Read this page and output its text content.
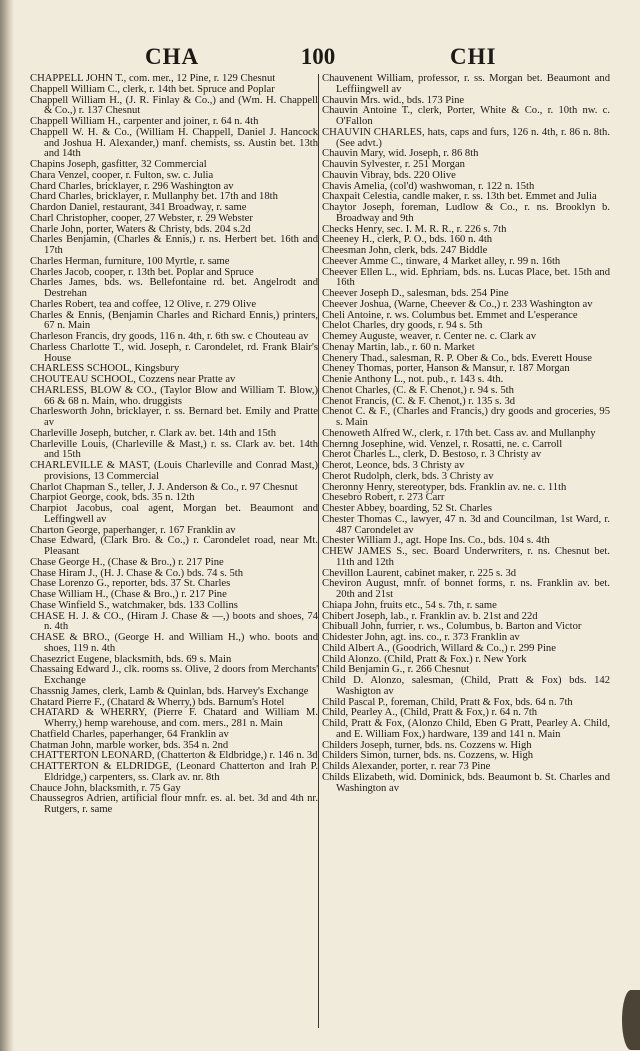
CHA	100	CHI

CHAPPELL JOHN T., com. mer., 12 Pine, r. 129 Chesnut

Chappell William C., clerk, r. 14th bet. Spruce and Poplar

Chappell William H., (J. R. Finlay & Co.,) and (Wm. H. Chappell & Co.,) r. 137 Chesnut

Chappell William H., carpenter and joiner, r. 64 n. 4th

Chappell W. H. & Co., (William H. Chappell, Daniel J. Hancock and Joshua H. Alexander,) manf. chemists, ss. Austin bet. 13th and 14th

Chapins Joseph, gasfitter, 32 Commercial

Chara Venzel, cooper, r. Fulton, sw. c. Julia

Chard Charles, bricklayer, r. 296 Washington av

Chard Charles, bricklayer, r. Mullanphy bet. 17th and 18th

Chardon Daniel, restaurant, 341 Broadway, r. same

Charl Christopher, cooper, 27 Webster, r. 29 Webster

Charle John, porter, Waters & Christy, bds. 204 s.2d

Charles Benjamin, (Charles & Ennis,) r. ns. Herbert bet. 16th and 17th

Charles Herman, furniture, 100 Myrtle, r. same

Charles Jacob, cooper, r. 13th bet. Poplar and Spruce

Charles James, bds. ws. Bellefontaine rd. bet. Angelrodt and Destrehan

Charles Robert, tea and coffee, 12 Olive, r. 279 Olive

Charles & Ennis, (Benjamin Charles and Richard Ennis,) printers, 67 n. Main

Charleson Francis, dry goods, 116 n. 4th, r. 6th sw. c Chouteau av

Charless Charlotte T., wid. Joseph, r. Carondelet, rd. Frank Blair's House

CHARLESS SCHOOL, Kingsbury

CHOUTEAU SCHOOL, Cozzens near Pratte av

CHARLESS, BLOW & CO., (Taylor Blow and William T. Blow,) 66 & 68 n. Main, who. druggists

Charlesworth John, bricklayer, r. ss. Bernard bet. Emily and Pratte av

Charleville Joseph, butcher, r. Clark av. bet. 14th and 15th

Charleville Louis, (Charleville & Mast,) r. ss. Clark av. bet. 14th and 15th

CHARLEVILLE & MAST, (Louis Charleville and Conrad Mast,) provisions, 13 Commercial

Charlot Chapman S., teller, J. J. Anderson & Co., r. 97 Chesnut

Charpiot George, cook, bds. 35 n. 12th

Charpiot Jacobus, coal agent, Morgan bet. Beaumont and Leffingwell av

Charton George, paperhanger, r. 167 Franklin av

Chase Edward, (Clark Bro. & Co.,) r. Carondelet road, near Mt. Pleasant

Chase George H., (Chase & Bro.,) r. 217 Pine

Chase Hiram J., (H. J. Chase & Co.) bds. 74 s. 5th

Chase Lorenzo G., reporter, bds. 37 St. Charles

Chase William H., (Chase & Bro.,) r. 217 Pine

Chase Winfield S., watchmaker, bds. 133 Collins

CHASE H. J. & CO., (Hiram J. Chase & —,) boots and shoes, 74 n. 4th

CHASE & BRO., (George H. and William H.,) who. boots and shoes, 119 n. 4th

Chasezrict Eugene, blacksmith, bds. 69 s. Main

Chassaing Edward J., clk. rooms ss. Olive, 2 doors from Merchants' Exchange

Chassnig James, clerk, Lamb & Quinlan, bds. Harvey's Exchange

Chatard Pierre F., (Chatard & Wherry,) bds. Barnum's Hotel

CHATARD & WHERRY, (Pierre F. Chatard and William M. Wherry,) hemp warehouse, and com. mers., 281 n. Main

Chatfield Charles, paperhanger, 64 Franklin av

Chatman John, marble worker, bds. 354 n. 2nd

CHATTERTON LEONARD, (Chatterton & Eldbridge,) r. 146 n. 3d

CHATTERTON & ELDRIDGE, (Leonard Chatterton and Irah P. Eldridge,) carpenters, ss. Clark av. nr. 8th

Chauce John, blacksmith, r. 75 Gay

Chaussegros Adrien, artificial flour mnfr. es. al. bet. 3d and 4th nr. Rutgers, r. same

Chauvenent William, professor, r. ss. Morgan bet. Beaumont and Leffiingwell av

Chauvin Mrs. wid., bds. 173 Pine

Chauvin Antoine T., clerk, Porter, White & Co., r. 10th nw. c. O'Fallon

CHAUVIN CHARLES, hats, caps and furs, 126 n. 4th, r. 86 n. 8th. (See advt.)

Chauvin Mary, wid. Joseph, r. 86 8th

Chauvin Sylvester, r. 251 Morgan

Chauvin Vibray, bds. 220 Olive

Chavis Amelia, (col'd) washwoman, r. 122 n. 15th

Chaxpait Celestia, candle maker, r. ss. 13th bet. Emmet and Julia

Chaytor Joseph, foreman, Ludlow & Co., r. ns. Brooklyn b. Broadway and 9th

Checks Henry, sec. I. M. R. R., r. 226 s. 7th

Cheeney H., clerk, P. O., bds. 160 n. 4th

Cheesman John, clerk, bds. 247 Biddle

Cheever Amme C., tinware, 4 Market alley, r. 99 n. 16th

Cheever Ellen L., wid. Ephriam, bds. ns. Lucas Place, bet. 15th and 16th

Cheever Joseph D., salesman, bds. 254 Pine

Cheever Joshua, (Warne, Cheever & Co.,) r. 233 Washington av

Cheli Antoine, r. ws. Columbus bet. Emmet and L'esperance

Chelot Charles, dry goods, r. 94 s. 5th

Chemey Auguste, weaver, r. Center ne. c. Clark av

Chenay Martin, lab., r. 60 n. Market

Chenery Thad., salesman, R. P. Ober & Co., bds. Everett House

Cheney Thomas, porter, Hanson & Mansur, r. 187 Morgan

Chenie Anthony L., not. pub., r. 143 s. 4th.

Chenot Charles, (C. & F. Chenot,) r. 94 s. 5th

Chenot Francis, (C. & F. Chenot,) r. 135 s. 3d

Chenot C. & F., (Charles and Francis,) dry goods and groceries, 95 s. Main

Chenoweth Alfred W., clerk, r. 17th bet. Cass av. and Mullanphy

Chernng Josephine, wid. Venzel, r. Rosatti, ne. c. Carroll

Cherot Charles L., clerk, D. Bestoso, r. 3 Christy av

Cherot, Leonce, bds. 3 Christy av

Cherot Rudolph, clerk, bds. 3 Christy av

Cheronny Henry, stereotyper, bds. Franklin av. ne. c. 11th

Chesebro Robert, r. 273 Carr

Chester Abbey, boarding, 52 St. Charles

Chester Thomas C., lawyer, 47 n. 3d and Councilman, 1st Ward, r. 487 Carondelet av

Chester William J., agt. Hope Ins. Co., bds. 104 s. 4th

CHEW JAMES S., sec. Board Underwriters, r. ns. Chesnut bet. 11th and 12th

Chevillon Laurent, cabinet maker, r. 225 s. 3d

Cheviron August, mnfr. of bonnet forms, r. ns. Franklin av. bet. 20th and 21st

Chiapa John, fruits etc., 54 s. 7th, r. same

Chibert Joseph, lab., r. Franklin av. b. 21st and 22d

Chibuall John, furrier, r. ws., Columbus, b. Barton and Victor

Chidester John, agt. ins. co., r. 373 Franklin av

Child Albert A., (Goodrich, Willard & Co.,) r. 299 Pine

Child Alonzo. (Child, Pratt & Fox.) r. New York

Child Benjamin G., r. 266 Chesnut

Child D. Alonzo, salesman, (Child, Pratt & Fox) bds. 142 Washigton av

Child Pascal P., foreman, Child, Pratt & Fox, bds. 64 n. 7th

Child, Pearley A., (Child, Pratt & Fox,) r. 64 n. 7th

Child, Pratt & Fox, (Alonzo Child, Eben G Pratt, Pearley A. Child, and E. William Fox,) hardware, 139 and 141 n. Main

Childers Joseph, turner, bds. ns. Cozzens w. High

Childers Simon, turner, bds. ns. Cozzens, w. High

Childs Alexander, porter, r. rear 73 Pine

Childs Elizabeth, wid. Dominick, bds. Beaumont b. St. Charles and Washington av
